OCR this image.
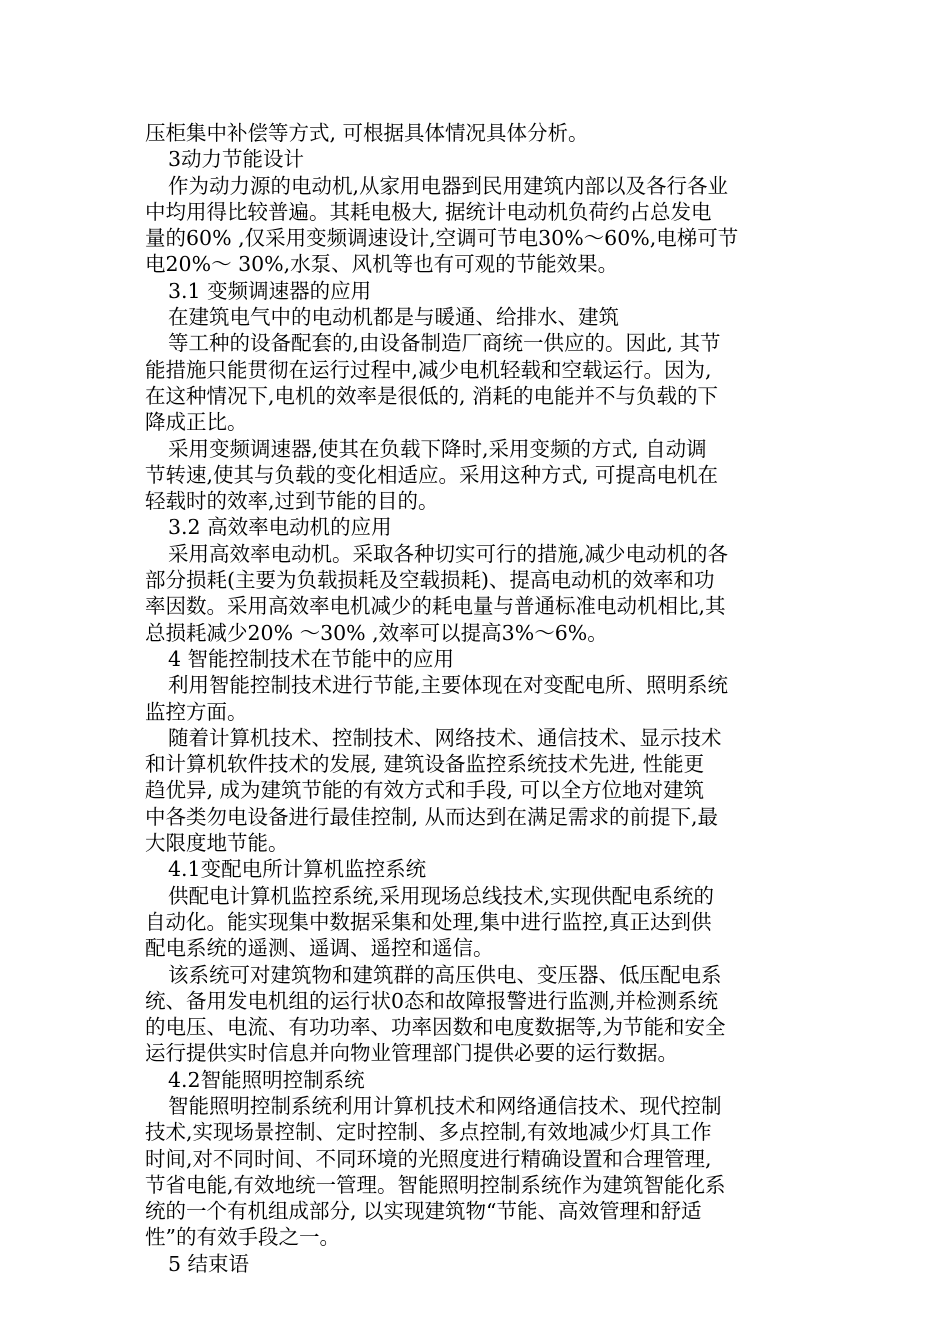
压柜集中补偿等方式, 可根据具体情况具体分析。
3动力节能设计
作为动力源的电动机,从家用电器到民用建筑内部以及各行各业
中均用得比较普遍。其耗电极大, 据统计电动机负荷约占总发电
量的60% ,仅采用变频调速设计,空调可节电30%～60%,电梯可节
电20%～ 30%,水泵、风机等也有可观的节能效果。
3.1 变频调速器的应用
在建筑电气中的电动机都是与暖通、给排水、建筑
等工种的设备配套的,由设备制造厂商统一供应的。因此, 其节
能措施只能贯彻在运行过程中,减少电机轻载和空载运行。因为,
在这种情况下,电机的效率是很低的, 消耗的电能并不与负载的下
降成正比。
采用变频调速器,使其在负载下降时,采用变频的方式, 自动调
节转速,使其与负载的变化相适应。采用这种方式, 可提高电机在
轻载时的效率,过到节能的目的。
3.2 高效率电动机的应用
采用高效率电动机。采取各种切实可行的措施,减少电动机的各
部分损耗(主要为负载损耗及空载损耗)、提高电动机的效率和功
率因数。采用高效率电机减少的耗电量与普通标准电动机相比,其
总损耗减少20% ～30% ,效率可以提高3%～6%。
4 智能控制技术在节能中的应用
利用智能控制技术进行节能,主要体现在对变配电所、照明系统
监控方面。
随着计算机技术、控制技术、网络技术、通信技术、显示技术
和计算机软件技术的发展, 建筑设备监控系统技术先进, 性能更
趋优异, 成为建筑节能的有效方式和手段, 可以全方位地对建筑
中各类勿电设备进行最佳控制, 从而达到在满足需求的前提下,最
大限度地节能。
4.1变配电所计算机监控系统
供配电计算机监控系统,采用现场总线技术,实现供配电系统的
自动化。能实现集中数据采集和处理,集中进行监控,真正达到供
配电系统的遥测、遥调、遥控和遥信。
该系统可对建筑物和建筑群的高压供电、变压器、低压配电系
统、备用发电机组的运行状0态和故障报警进行监测,并检测系统
的电压、电流、有功功率、功率因数和电度数据等,为节能和安全
运行提供实时信息并向物业管理部门提供必要的运行数据。
4.2智能照明控制系统
智能照明控制系统利用计算机技术和网络通信技术、现代控制
技术,实现场景控制、定时控制、多点控制,有效地减少灯具工作
时间,对不同时间、不同环境的光照度进行精确设置和合理管理,
节省电能,有效地统一管理。智能照明控制系统作为建筑智能化系
统的一个有机组成部分, 以实现建筑物“节能、高效管理和舒适
性”的有效手段之一。
5 结束语
